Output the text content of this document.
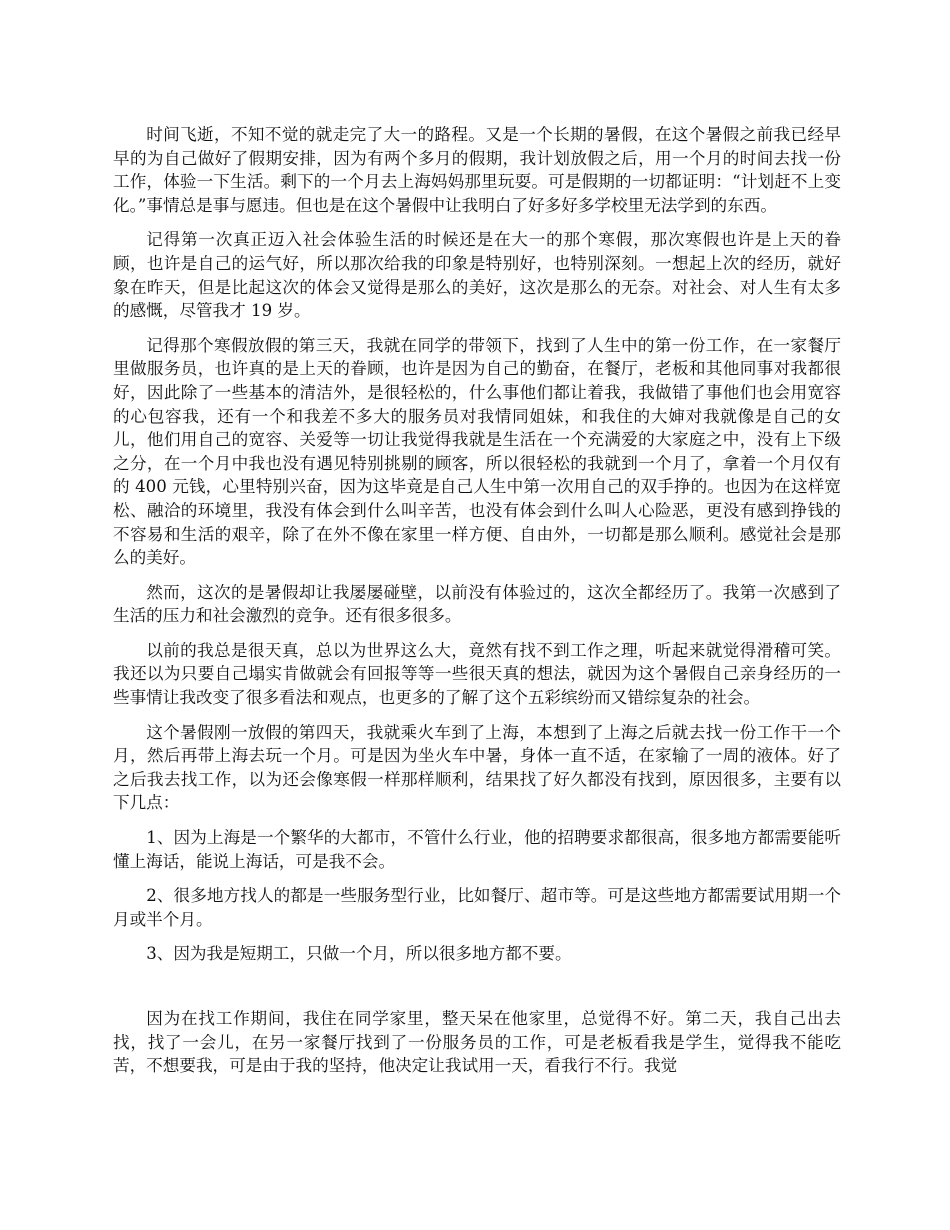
时间飞逝，不知不觉的就走完了大一的路程。又是一个长期的暑假，在这个暑假之前我已经早早的为自己做好了假期安排，因为有两个多月的假期，我计划放假之后，用一个月的时间去找一份工作，体验一下生活。剩下的一个月去上海妈妈那里玩耍。可是假期的一切都证明：“计划赶不上变化。”事情总是事与愿违。但也是在这个暑假中让我明白了好多好多学校里无法学到的东西。

记得第一次真正迈入社会体验生活的时候还是在大一的那个寒假，那次寒假也许是上天的眷顾，也许是自己的运气好，所以那次给我的印象是特别好，也特别深刻。一想起上次的经历，就好象在昨天，但是比起这次的体会又觉得是那么的美好，这次是那么的无奈。对社会、对人生有太多的感慨，尽管我才 19 岁。

记得那个寒假放假的第三天，我就在同学的带领下，找到了人生中的第一份工作，在一家餐厅里做服务员，也许真的是上天的眷顾，也许是因为自己的勤奋，在餐厅，老板和其他同事对我都很好，因此除了一些基本的清洁外，是很轻松的，什么事他们都让着我，我做错了事他们也会用宽容的心包容我，还有一个和我差不多大的服务员对我情同姐妹，和我住的大婶对我就像是自己的女儿，他们用自己的宽容、关爱等一切让我觉得我就是生活在一个充满爱的大家庭之中，没有上下级之分，在一个月中我也没有遇见特别挑剔的顾客，所以很轻松的我就到一个月了，拿着一个月仅有的 400 元钱，心里特别兴奋，因为这毕竟是自己人生中第一次用自己的双手挣的。也因为在这样宽松、融洽的环境里，我没有体会到什么叫辛苦，也没有体会到什么叫人心险恶，更没有感到挣钱的不容易和生活的艰辛，除了在外不像在家里一样方便、自由外，一切都是那么顺利。感觉社会是那么的美好。

然而，这次的是暑假却让我屡屡碰壁，以前没有体验过的，这次全都经历了。我第一次感到了生活的压力和社会激烈的竞争。还有很多很多。

以前的我总是很天真，总以为世界这么大，竟然有找不到工作之理，听起来就觉得滑稽可笑。我还以为只要自己塌实肯做就会有回报等等一些很天真的想法，就因为这个暑假自己亲身经历的一些事情让我改变了很多看法和观点，也更多的了解了这个五彩缤纷而又错综复杂的社会。

这个暑假刚一放假的第四天，我就乘火车到了上海，本想到了上海之后就去找一份工作干一个月，然后再带上海去玩一个月。可是因为坐火车中暑，身体一直不适，在家输了一周的液体。好了之后我去找工作，以为还会像寒假一样那样顺利，结果找了好久都没有找到，原因很多，主要有以下几点：

1、因为上海是一个繁华的大都市，不管什么行业，他的招聘要求都很高，很多地方都需要能听懂上海话，能说上海话，可是我不会。

2、很多地方找人的都是一些服务型行业，比如餐厅、超市等。可是这些地方都需要试用期一个月或半个月。

3、因为我是短期工，只做一个月，所以很多地方都不要。

因为在找工作期间，我住在同学家里，整天呆在他家里，总觉得不好。第二天，我自己出去找，找了一会儿，在另一家餐厅找到了一份服务员的工作，可是老板看我是学生，觉得我不能吃苦，不想要我，可是由于我的坚持，他决定让我试用一天，看我行不行。我觉
